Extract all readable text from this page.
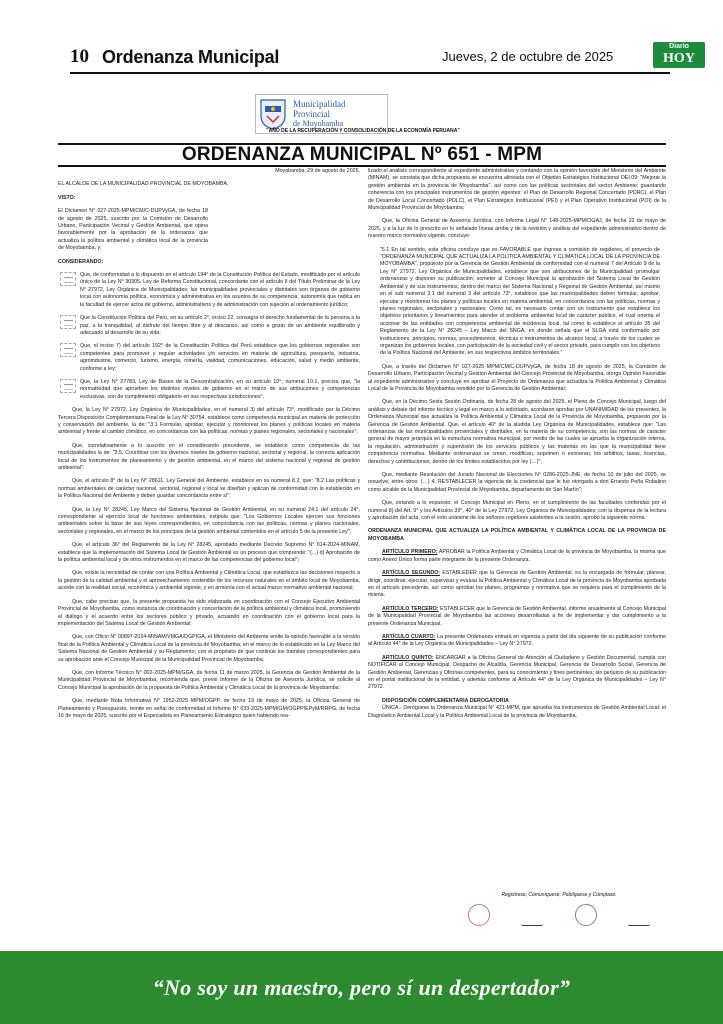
10 Ordenanza Municipal	Jueves, 2 de octubre de 2025
Diario
HOY
Municipalidad Provincial
de Moyobamba
"AÑO DE LA RECUPERACIÓN Y CONSOLIDACIÓN DE LA ECONOMÍA PERUANA"
ORDENANZA MUNICIPAL Nº 651 - MPM
Moyobamba, 29 de agosto de 2025.
EL ALCALDE DE LA MUNICIPALIDAD PROVINCIAL DE MOYOBAMBA.
VISTO:
El Dictamen N° 027-2025-MPM/CM/C-DUPVyGA, de fecha 18 de agosto de 2025, suscrito por la Comisión de Desarrollo Urbano, Participación Vecinal y Gestión Ambiental, que opina favorablemente por la aprobación de la ordenanza que actualiza la política ambiental y climática local de la provincia de Moyobamba, y;
CONSIDERANDO:
Que, de conformidad a lo dispuesto en el artículo 194° de la Constitución Política del Estado, modificado por el artículo único de la Ley N° 30305, Ley de Reforma Constitucional, concordante con el artículo II del Título Preliminar de la Ley N° 27972, Ley Orgánica de Municipalidades; las municipalidades provinciales y distritales son órganos de gobierno local con autonomía política, económica y administrativa en los asuntos de su competencia; autonomía que radica en la facultad de ejercer actos de gobierno, administrativos y de administración con sujeción al ordenamiento jurídico;
Que la Constitución Política del Perú, en su artículo 2°, inciso 22, consagra el derecho fundamental de la persona a la paz, a la tranquilidad, al disfrute del tiempo libre y al descanso, así como a gozar de un ambiente equilibrado y adecuado al desarrollo de su vida;
Que, el inciso 7) del artículo 192° de la Constitución Política del Perú establece que los gobiernos regionales son competentes para promover y regular actividades y/o servicios en materia de agricultura, pesquería, industria, agroindustria, comercio, turismo, energía, minería, vialidad, comunicaciones, educación, salud y medio ambiente, conforme a ley;
Que, la Ley N° 27783, Ley de Bases de la Descentralización, en su artículo 10°, numeral 10.1, precisa que, "la normatividad que aprueben los distintos niveles de gobierno en el marco de sus atribuciones y competencias exclusivas, son de cumplimiento obligatorio en sus respectivas jurisdicciones";
Que, la Ley N° 27972, Ley Orgánica de Municipalidades, en el numeral 3) del artículo 73°, modificado por la Décimo Tercera Disposición Complementaria Final de la Ley N° 30754, establece como competencia municipal en materia de protección y conservación del ambiente, la de: "3.1 Formular, aprobar, ejecutar y monitorear los planes y políticas locales en materia ambiental y frente al cambio climático, en concordancia con las políticas, normas y planes regionales, sectoriales y nacionales";
Que, correlativamente a lo suscrito en el considerando precedente, se establece como competencia de las municipalidades la de: "3.5. Coordinar con los diversos niveles de gobierno nacional, sectorial y regional, la correcta aplicación local de los instrumentos de planeamiento y de gestión ambiental, en el marco del sistema nacional y regional de gestión ambiental";
Que, el artículo 8° de la Ley N° 28611, Ley General del Ambiente, establece en su numeral 8.2, que: "8.2 Las políticas y normas ambientales de carácter nacional, sectorial, regional y local se diseñan y aplican de conformidad con lo establecido en la Política Nacional del Ambiente y deben guardar concordancia entre sí";
Que, la Ley N° 28245, Ley Marco del Sistema Nacional de Gestión Ambiental, en su numeral 24.1 del artículo 24°, correspondiente al ejercicio local de funciones ambientales, estipula que: "Los Gobiernos Locales ejercen sus funciones ambientales sobre la base de sus leyes correspondientes, en concordancia con las políticas, normas y planes nacionales, sectoriales y regionales, en el marco de los principios de la gestión ambiental contenidos en el artículo 5 de la presente Ley";
Que, el artículo 36° del Reglamento de la Ley N° 28245, aprobado mediante Decreto Supremo N° 014-2024-MINAM, establece que la implementación del Sistema Local de Gestión Ambiental es un proceso que comprende: "(...) d) Aprobación de la política ambiental local y de otros instrumentos en el marco de las competencias del gobierno local";
Que, existe la necesidad de contar con una Política Ambiental y Climática Local, que establezca las decisiones respecto a la gestión de la calidad ambiental y el aprovechamiento sostenible de los recursos naturales en el ámbito local de Moyobamba, acorde con la realidad social, económica y ambiental vigente, y en armonía con el actual marco normativo ambiental nacional;
Que, cabe precisar que, la presente propuesta ha sido elaborada en coordinación con el Consejo Ejecutivo Ambiental Provincial de Moyobamba, como instancia de coordinación y concertación de la política ambiental y climática local, promoviendo el diálogo y el acuerdo entre los sectores público y privado, actuando en coordinación con el gobierno local para la implementación del Sistema Local de Gestión Ambiental;
Que, con Oficio N° 00897-2024-MINAM/VMGA/DGPIGA, el Ministerio del Ambiente emite la opinión favorable a la versión final de la Política Ambiental y Climática Local de la provincia de Moyobamba, en el marco de lo establecido en la Ley Marco del Sistema Nacional de Gestión Ambiental y su Reglamento; con el propósito de que continúe los trámites correspondientes para su aprobación ante el Concejo Municipal de la Municipalidad Provincial de Moyobamba;
Que, con Informe Técnico N° 002-2025-MPM/GGA, de fecha 11 de marzo 2025, la Gerencia de Gestión Ambiental de la Municipalidad Provincial de Moyobamba, recomienda que, previo Informe de la Oficina de Asesoría Jurídica, se solicite al Concejo Municipal la aprobación de la propuesta de Política Ambiental y Climática Local de la provincia de Moyobamba;
Que, mediante Nota Informativa N° 1952-2025 MPM/OGPP, de fecha 19 de mayo de 2025, la Oficina General de Planeamiento y Presupuesto, remite en señal de conformidad el Informe N° 033-2025-MPM/GM/OGPP/EPyM/RRPG, de fecha 16 de mayo de 2025, suscrito por el Especialista en Planeamiento Estratégico quien habiendo rea-
lizado el análisis correspondiente al expediente administrativo y contando con la opinión favorable del Ministerio del Ambiente (MINAM), se constata que dicha propuesta se encuentra alineada con el Objetivo Estratégico Institucional OEI.09: "Mejorar la gestión ambiental en la provincia de Moyobamba", así como con las políticas sectoriales del sector Ambiente; guardando coherencia con los principales instrumentos de gestión vigentes: el Plan de Desarrollo Regional Concertado (PDRC), el Plan de Desarrollo Local Concertado (PDLC), el Plan Estratégico Institucional (PEI) y el Plan Operativo Institucional (POI) de la Municipalidad Provincial de Moyobamba;
Que, la Oficina General de Asesoría Jurídica, con Informe Legal N° 148-2025-MPM/OGAJ, de fecha 22 de mayo de 2025, y a la luz de lo prescrito en lo señalado líneas arriba y de la revisión y análisis del expediente administrativo dentro de nuestro marco normativo vigente, concluye:
"5.1 En tal sentido, esta oficina concluye que es FAVORABLE que ingrese a comisión de regidores, el proyecto de "ORDENANZA MUNICIPAL QUE ACTUALIZA LA POLÍTICA AMBIENTAL Y CLIMÁTICA LOCAL DE LA PROVINCIA DE MOYOBAMBA", propuesto por la Gerencia de Gestión Ambiental de conformidad con el numeral 7 del Artículo 9 de la Ley N° 27972, Ley Orgánica de Municipalidades, establece que son atribuciones de la Municipalidad: promulgar ordenanzas y disponer su publicación; someter al Concejo Municipal la aprobación del Sistema Local de Gestión Ambiental y de sus instrumentos, dentro del marco del Sistema Nacional y Regional de Gestión Ambiental, así mismo en el sub numeral 3.1 del numeral 3 del artículo 73°, establece que las municipalidades deben formular, aprobar, ejecutar y monitorear los planes y políticas locales en materia ambiental, en concordancia con las políticas, normas y planes regionales, sectoriales y nacionales; Como tal, es necesario contar con un instrumento que establece los objetivos prioritarios y lineamientos para atender el problema ambiental local de carácter público, el cual orienta el accionar de las entidades con competencia ambiental de incidencia local, tal como lo establece el artículo 35 del Reglamento de la Ley N° 28245 – Ley Marco del SNGA, en donde señala que el SLGA está conformado por instituciones, principios, normas, procedimientos, técnicas e instrumentos de alcance local, a través de los cuales se organizan los gobiernos locales, con participación de la sociedad civil y el sector privado, para cumplir con los objetivos de la Política Nacional del Ambiente, en sus respectivos ámbitos territoriales."
Que, a través del Dictamen N° 027-2025 MPM/CM/C-DUPVyGA, de fecha 18 de agosto de 2025, la Comisión de Desarrollo Urbano, Participación Vecinal y Gestión Ambiental del Concejo Provincial de Moyobamba, otorga Opinión Favorable al expediente administrativo y concluye en aprobar el Proyecto de Ordenanza que actualiza la Política Ambiental y Climática Local de la Provincia de Moyobamba remitido por la Gerencia de Gestión Ambiental;
Que, en la Décimo Sexta Sesión Ordinaria, de fecha 28 de agosto del 2025, el Pleno de Concejo Municipal, luego del análisis y debate del informe técnico y legal en marco a lo solicitado, acordaron aprobar por UNANIMIDAD de los presentes, la Ordenanza Municipal que actualiza la Política Ambiental y Climática Local de la Provincia de Moyobamba, propuesto por la Gerencia de Gestión Ambiental. Que, el artículo 40° de la aludida Ley Orgánica de Municipalidades, establece que: "Las ordenanzas de las municipalidades provinciales y distritales, en la materia de su competencia, son las normas de carácter general de mayor jerarquía en la estructura normativa municipal, por medio de las cuales se aprueba la organización interna, la regulación, administración y supervisión de los servicios públicos y las materias en las que la municipalidad tiene competencia normativa. Mediante ordenanzas se crean, modifican, suprimen o exoneran, los arbitrios, tasas, licencias, derechos y contribuciones, dentro de los límites establecidos por ley (…)";
Que, mediante Resolución del Jurado Nacional de Elecciones N° 0286-2025-JNE, de fecha 10 de julio del 2025, se resuelve, entre otros: (…) 4. RESTABLECER la vigencia de la credencial que le fue otorgada a don Ernesto Peña Robalino como alcalde de la Municipalidad Provincial de Moyobamba, departamento de San Martín";
Que, estando a lo expuesto, el Concejo Municipal en Pleno, en el cumplimiento de las facultades conferidas por el numeral 8) del Art. 9° y los Artículos 39°, 40° de la Ley 27972, Ley Orgánica de Municipalidades; con la dispensa de la lectura y aprobación del acta, con el voto unánime de los señores regidores asistentes a la sesión, aprobó la siguiente norma:
ORDENANZA MUNICIPAL QUE ACTUALIZA LA POLÍTICA AMBIENTAL Y CLIMÁTICA LOCAL DE LA PROVINCIA DE MOYOBAMBA
ARTÍCULO PRIMERO: APROBAR la Política Ambiental y Climática Local de la provincia de Moyobamba, la misma que como Anexo Único forma parte integrante de la presente Ordenanza.
ARTÍCULO SEGUNDO: ESTABLEDER que la Gerencia de Gestión Ambiental, es la encargada de formular, planear, dirigir, coordinar, ejecutar, supervisar y evaluar la Política Ambiental y Climática Local de la provincia de Moyobamba aprobada en el artículo precedente, así como aprobar los planes, programas y normativa que se requiera para el cumplimiento de la misma.
ARTÍCULO TERCERO: ESTABLECER que la Gerencia de Gestión Ambiental, informe anualmente al Concejo Municipal de la Municipalidad Provincial de Moyobamba las acciones desarrolladas a fin de implementar y dar cumplimiento a la presente Ordenanza Municipal.
ARTÍCULO CUARTO: La presente Ordenanza entrará en vigencia a partir del día siguiente de su publicación conforme al Artículo 44° de la Ley Orgánica de Municipalidades – Ley N° 27972.
ARTÍCULO QUINTO: ENCARGAR a la Oficina General de Atención al Ciudadano y Gestión Documental, cumpla con NOTIFICAR al Concejo Municipal, Despacho de Alcaldía, Gerencia Municipal, Gerencia de Desarrollo Social, Gerencia de Gestión Ambiental, Gerencias y Oficinas competentes, para su conocimiento y fines pertinentes; sin perjuicio de su publicación en el portal institucional de la entidad, y además conforme al Artículo 44° de la Ley Orgánica de Municipalidades – Ley N° 27972.
DISPOSICIÓN COMPLEMENTARIA DEROGATORIA
ÚNICA.- Deróguese la Ordenanza Municipal N° 421-MPM, que aprueba los instrumentos de Gestión Ambiental Local: el Diagnóstico Ambiental Local y la Política Ambiental Local de la provincia de Moyobamba.
Regístrese, Comuníquese, Publíquese y Cúmplase.
“No soy un maestro, pero sí un despertador”
